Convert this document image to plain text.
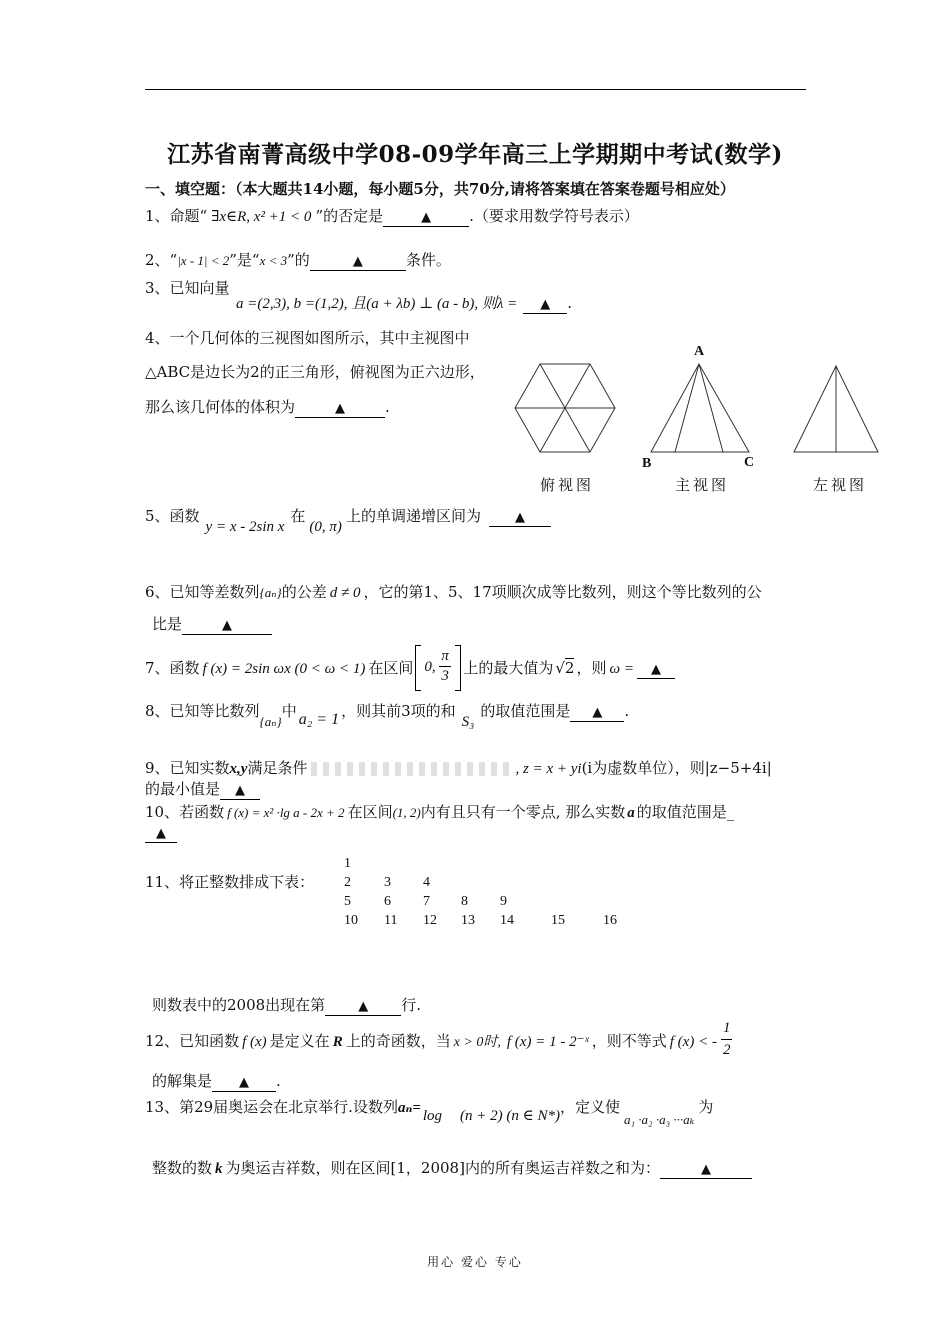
江苏省南菁高级中学08-09学年高三上学期期中考试(数学)
一、填空题：（本大题共14小题，每小题5分，共70分,请将答案填在答案卷题号相应处）
1、命题“ ∃x∈R, x² +1 < 0 ”的否定是	▲	.（要求用数学符号表示）
2、“|x - 1| < 2”是“x < 3”的	▲	条件。
3、已知向量
a =(2,3), b =(1,2), 且(a + λb) ⊥ (a - b), 则λ = ▲ .
4、一个几何体的三视图如图所示，其中主视图中
△ABC是边长为2的正三角形，俯视图为正六边形，
那么该几何体的体积为	▲	.
A
B	C
俯视图	主视图	左视图
5、函数y = x - 2sin x在(0, π)上的单调递增区间为	▲
6、已知等差数列{aₙ}的公差 d ≠ 0 ，它的第1、5、17项顺次成等比数列，则这个等比数列的公
比是	▲
7、函数 f (x) = 2sin ωx (0 < ω < 1) 在区间 0,
π
3 上的最大值为 √2 ，则 ω = ▲
8、已知等比数列{aₙ}中 a₂ = 1 ，则其前3项的和S₃的取值范围是 ▲ .
9、已知实数x,y满足条件	, z = x + yi(i为虚数单位），则|z−5+4i|
的最小值是 ▲
10、若函数 f (x) = x² ·lg a - 2x + 2 在区间(1, 2)内有且只有一个零点, 那么实数 a 的取值范围是_
▲
11、将正整数排成下表：
1
2 3 4
5 6 7 8 9
10 11 12 13 14	15	16
则数表中的2008出现在第	▲ 行.
12、已知函数 f (x) 是定义在 R 上的奇函数，当 x > 0时, f (x) = 1 - 2⁻ˣ ，则不等式 f (x) < - $\frac{1}{2}$
的解集是 ▲ .
13、第29届奥运会在北京举行.设数列aₙ= log (n + 2) (n ∈ N*)，定义使a₁ ·a₂ ·a₃ ···aₖ为
整数的数 k 为奥运吉祥数，则在区间[1，2008]内的所有奥运吉祥数之和为：	▲
用心 爱心 专心
